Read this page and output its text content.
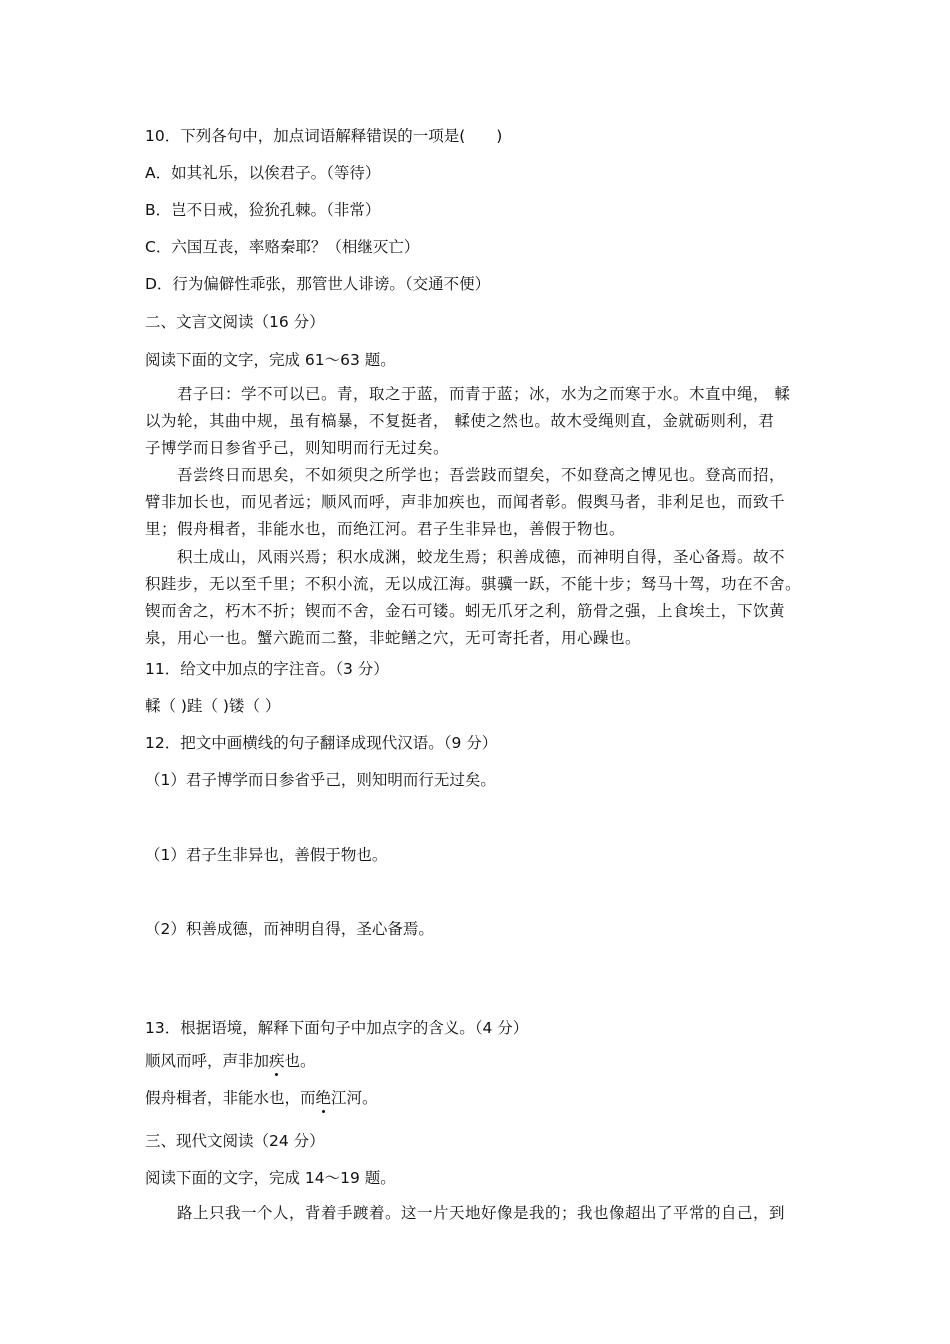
10．下列各句中，加点词语解释错误的一项是(　　)
A．如其礼乐，以俟君子。（等待）
B．岂不日戒，猃狁孔棘。（非常）
C．六国互丧，率赂秦耶？（相继灭亡）
D．行为偏僻性乖张，那管世人诽谤。（交通不便）
二、文言文阅读（16 分）
阅读下面的文字，完成 61～63 题。
君子曰：学不可以已。青，取之于蓝，而青于蓝；冰，水为之而寒于水。木直中绳， 輮
以为轮，其曲中规，虽有槁暴，不复挺者， 輮使之然也。故木受绳则直，金就砺则利，君
子博学而日参省乎己，则知明而行无过矣。
吾尝终日而思矣，不如须臾之所学也；吾尝跂而望矣，不如登高之博见也。登高而招，
臂非加长也，而见者远；顺风而呼，声非加疾也，而闻者彰。假舆马者，非利足也，而致千
里；假舟楫者，非能水也，而绝江河。君子生非异也，善假于物也。
积土成山，风雨兴焉；积水成渊，蛟龙生焉；积善成德，而神明自得，圣心备焉。故不
积跬步，无以至千里；不积小流，无以成江海。骐骥一跃，不能十步；驽马十驾，功在不舍。
锲而舍之，朽木不折；锲而不舍，金石可镂。蚓无爪牙之利，筋骨之强，上食埃土，下饮黄
泉，用心一也。蟹六跪而二螯，非蛇鳝之穴，无可寄托者，用心躁也。
11．给文中加点的字注音。（3 分）
輮（ )跬（ )镂（ ）
12．把文中画横线的句子翻译成现代汉语。（9 分）
（1）君子博学而日参省乎己，则知明而行无过矣。
（1）君子生非异也，善假于物也。
（2）积善成德，而神明自得，圣心备焉。
13．根据语境，解释下面句子中加点字的含义。（4 分）
顺风而呼，声非加疾也。
假舟楫者，非能水也，而绝江河。
三、现代文阅读（24 分）
阅读下面的文字，完成 14～19 题。
路上只我一个人，背着手踱着。这一片天地好像是我的；我也像超出了平常的自己，到
